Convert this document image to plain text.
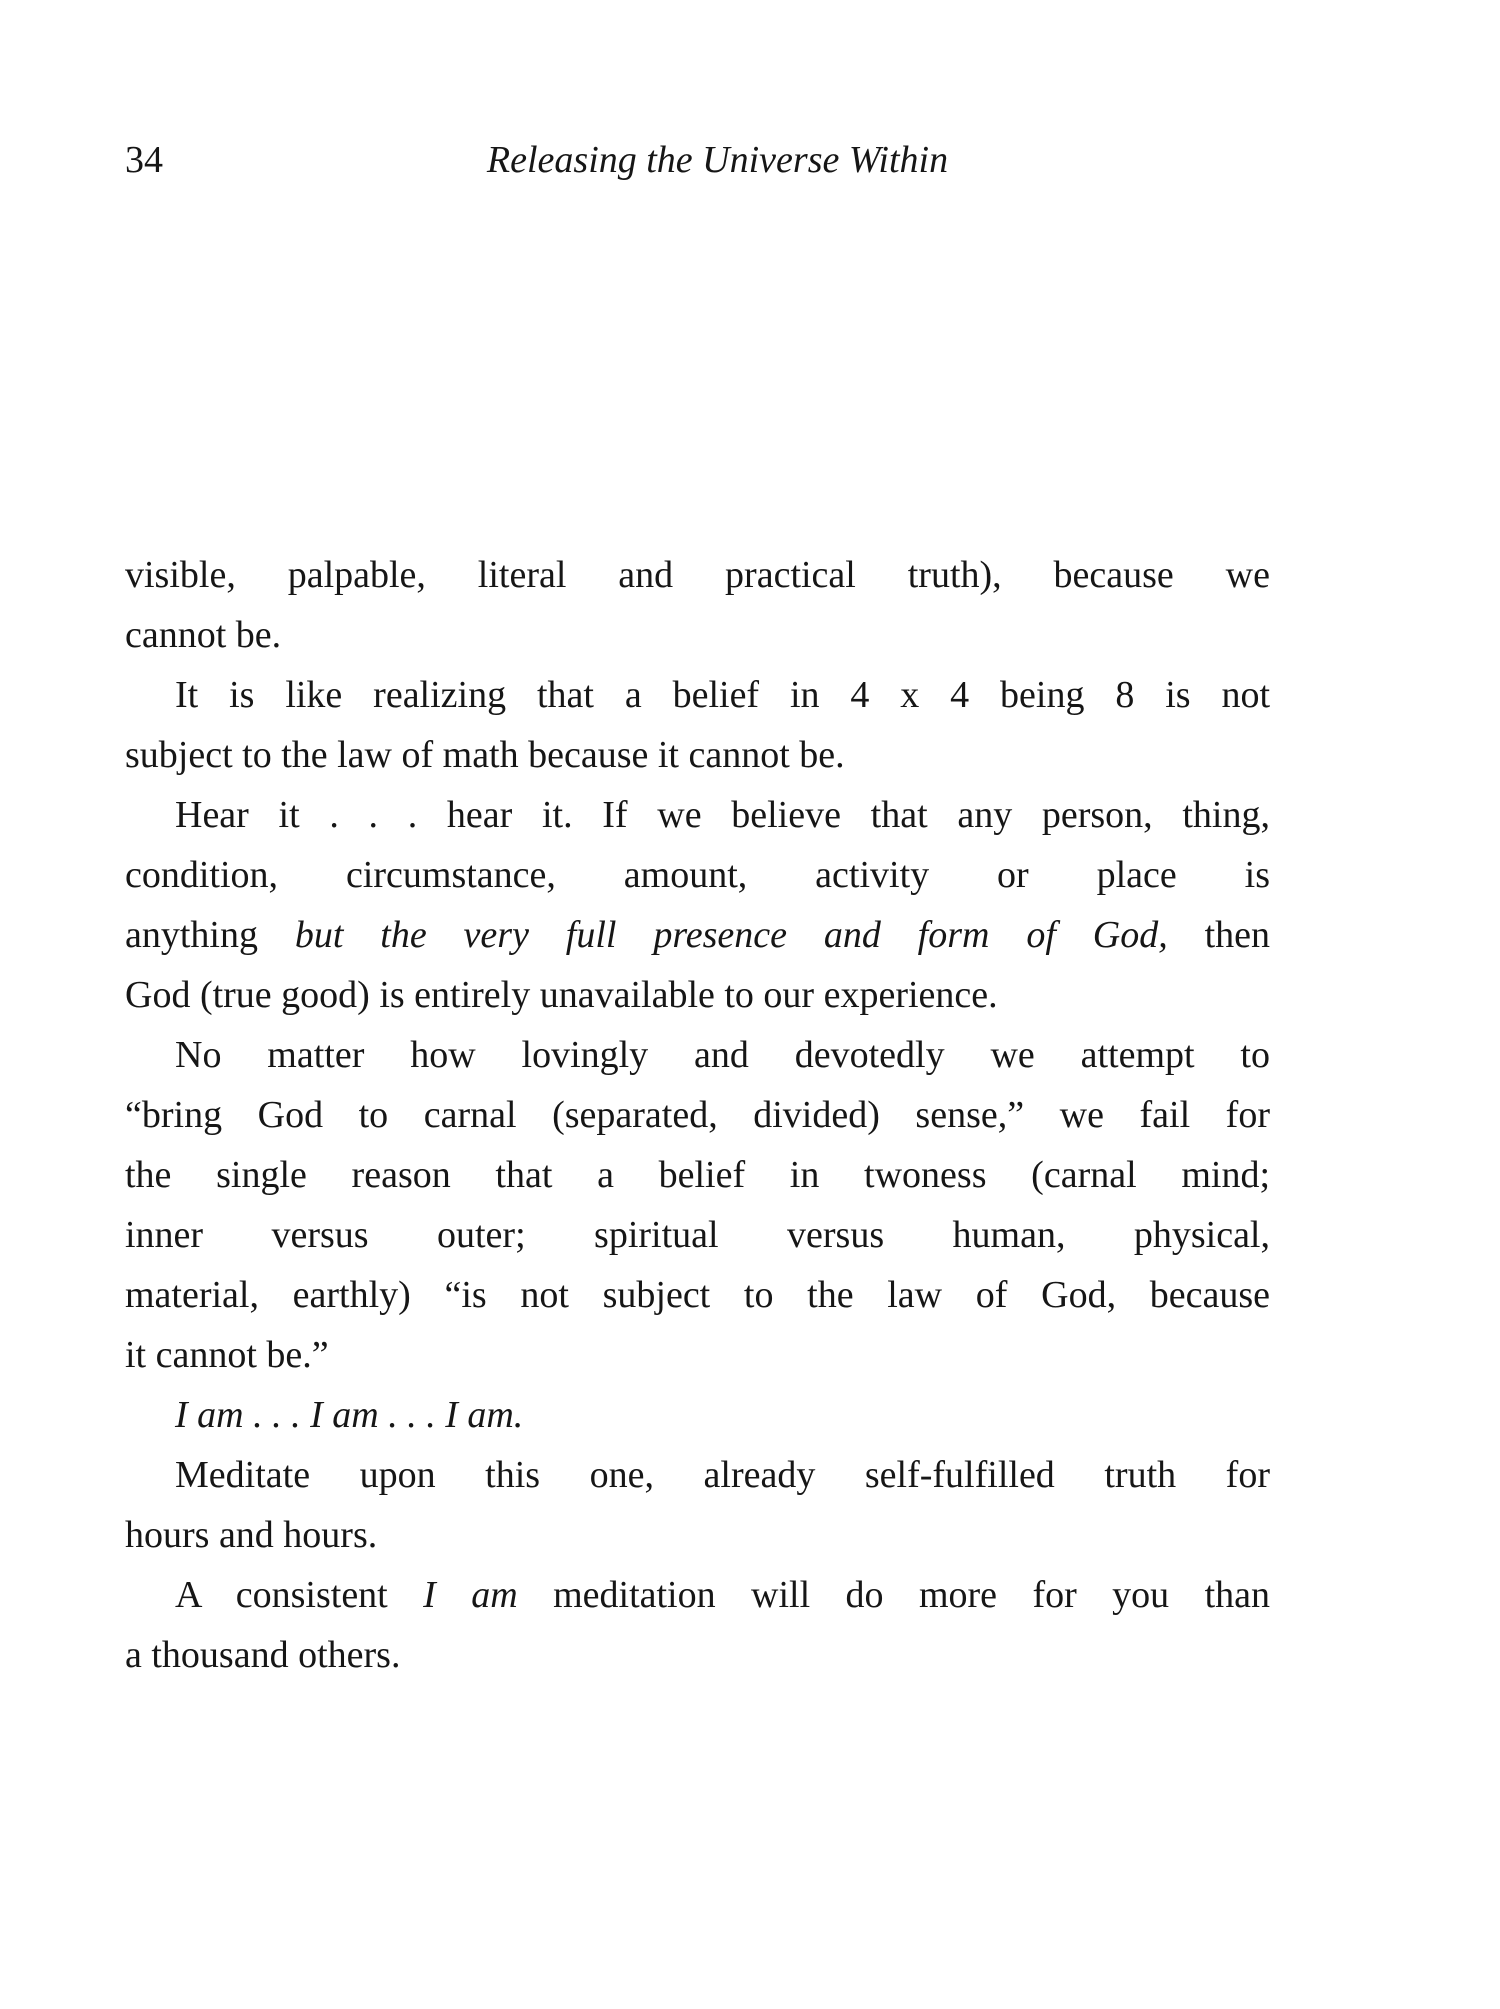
34	Releasing the Universe Within
visible, palpable, literal and practical truth), because we
cannot be.
It is like realizing that a belief in 4 x 4 being 8 is not
subject to the law of math because it cannot be.
Hear it . . . hear it. If we believe that any person, thing,
condition, circumstance, amount, activity or place is
anything but the very full presence and form of God, then
God (true good) is entirely unavailable to our experience.
No matter how lovingly and devotedly we attempt to
“bring God to carnal (separated, divided) sense,” we fail for
the single reason that a belief in twoness (carnal mind;
inner versus outer; spiritual versus human, physical,
material, earthly) “is not subject to the law of God, because
it cannot be.”
I am . . . I am . . . I am.
Meditate upon this one, already self-fulfilled truth for
hours and hours.
A consistent I am meditation will do more for you than
a thousand others.
